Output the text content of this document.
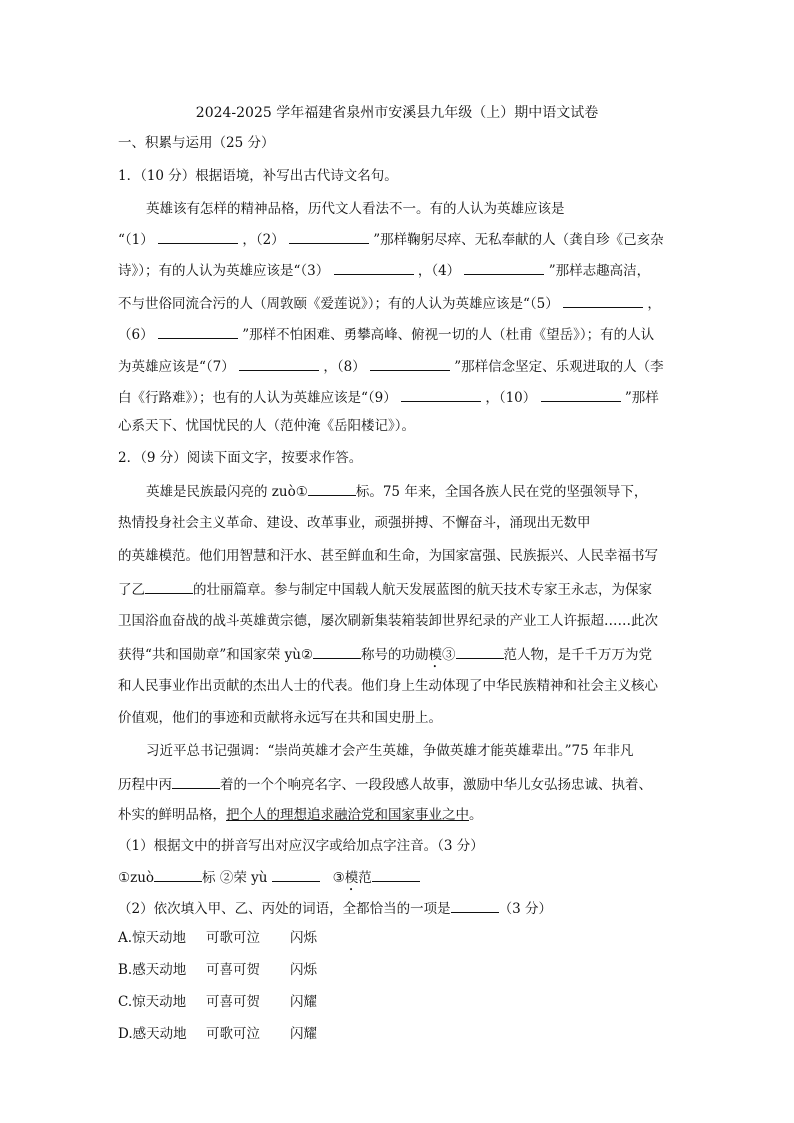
2024-2025 学年福建省泉州市安溪县九年级（上）期中语文试卷
一、积累与运用（25 分）
1．（10 分）根据语境，补写出古代诗文名句。
英雄该有怎样的精神品格，历代文人看法不一。有的人认为英雄应该是
“（1）	，（2）	”那样鞠躬尽瘁、无私奉献的人（龚自珍《己亥杂
诗》）；有的人认为英雄应该是“（3）	，（4）	”那样志趣高洁，
不与世俗同流合污的人（周敦颐《爱莲说》）；有的人认为英雄应该是“（5）	，
（6）	”那样不怕困难、勇攀高峰、俯视一切的人（杜甫《望岳》）；有的人认
为英雄应该是“（7）	，（8）	”那样信念坚定、乐观进取的人（李
白《行路难》）；也有的人认为英雄应该是“（9）	，（10）	”那样
心系天下、忧国忧民的人（范仲淹《岳阳楼记》）。
2．（9 分）阅读下面文字，按要求作答。
英雄是民族最闪亮的 zuò①	标。75 年来，全国各族人民在党的坚强领导下，
热情投身社会主义革命、建设、改革事业，顽强拼搏、不懈奋斗，涌现出无数甲
的英雄模范。他们用智慧和汗水、甚至鲜血和生命，为国家富强、民族振兴、人民幸福书写
了乙	的壮丽篇章。参与制定中国载人航天发展蓝图的航天技术专家王永志，为保家
卫国浴血奋战的战斗英雄黄宗德，屡次刷新集装箱装卸世界纪录的产业工人许振超……此次
获得“共和国勋章”和国家荣 yù②	称号的功勋模③	范人物，是千千万万为党
和人民事业作出贡献的杰出人士的代表。他们身上生动体现了中华民族精神和社会主义核心
价值观，他们的事迹和贡献将永远写在共和国史册上。
习近平总书记强调：“崇尚英雄才会产生英雄，争做英雄才能英雄辈出。”75 年非凡
历程中丙	着的一个个响亮名字、一段段感人故事，激励中华儿女弘扬忠诚、执着、
朴实的鲜明品格，把个人的理想追求融洽党和国家事业之中。
（1）根据文中的拼音写出对应汉字或给加点字注音。（3 分）
①zuò	标 ②荣 yù	③模范
（2）依次填入甲、乙、丙处的词语，全都恰当的一项是	（3 分）
A.惊天动地 可歌可泣 闪烁
B.感天动地 可喜可贺 闪烁
C.惊天动地 可喜可贺 闪耀
D.感天动地 可歌可泣 闪耀
